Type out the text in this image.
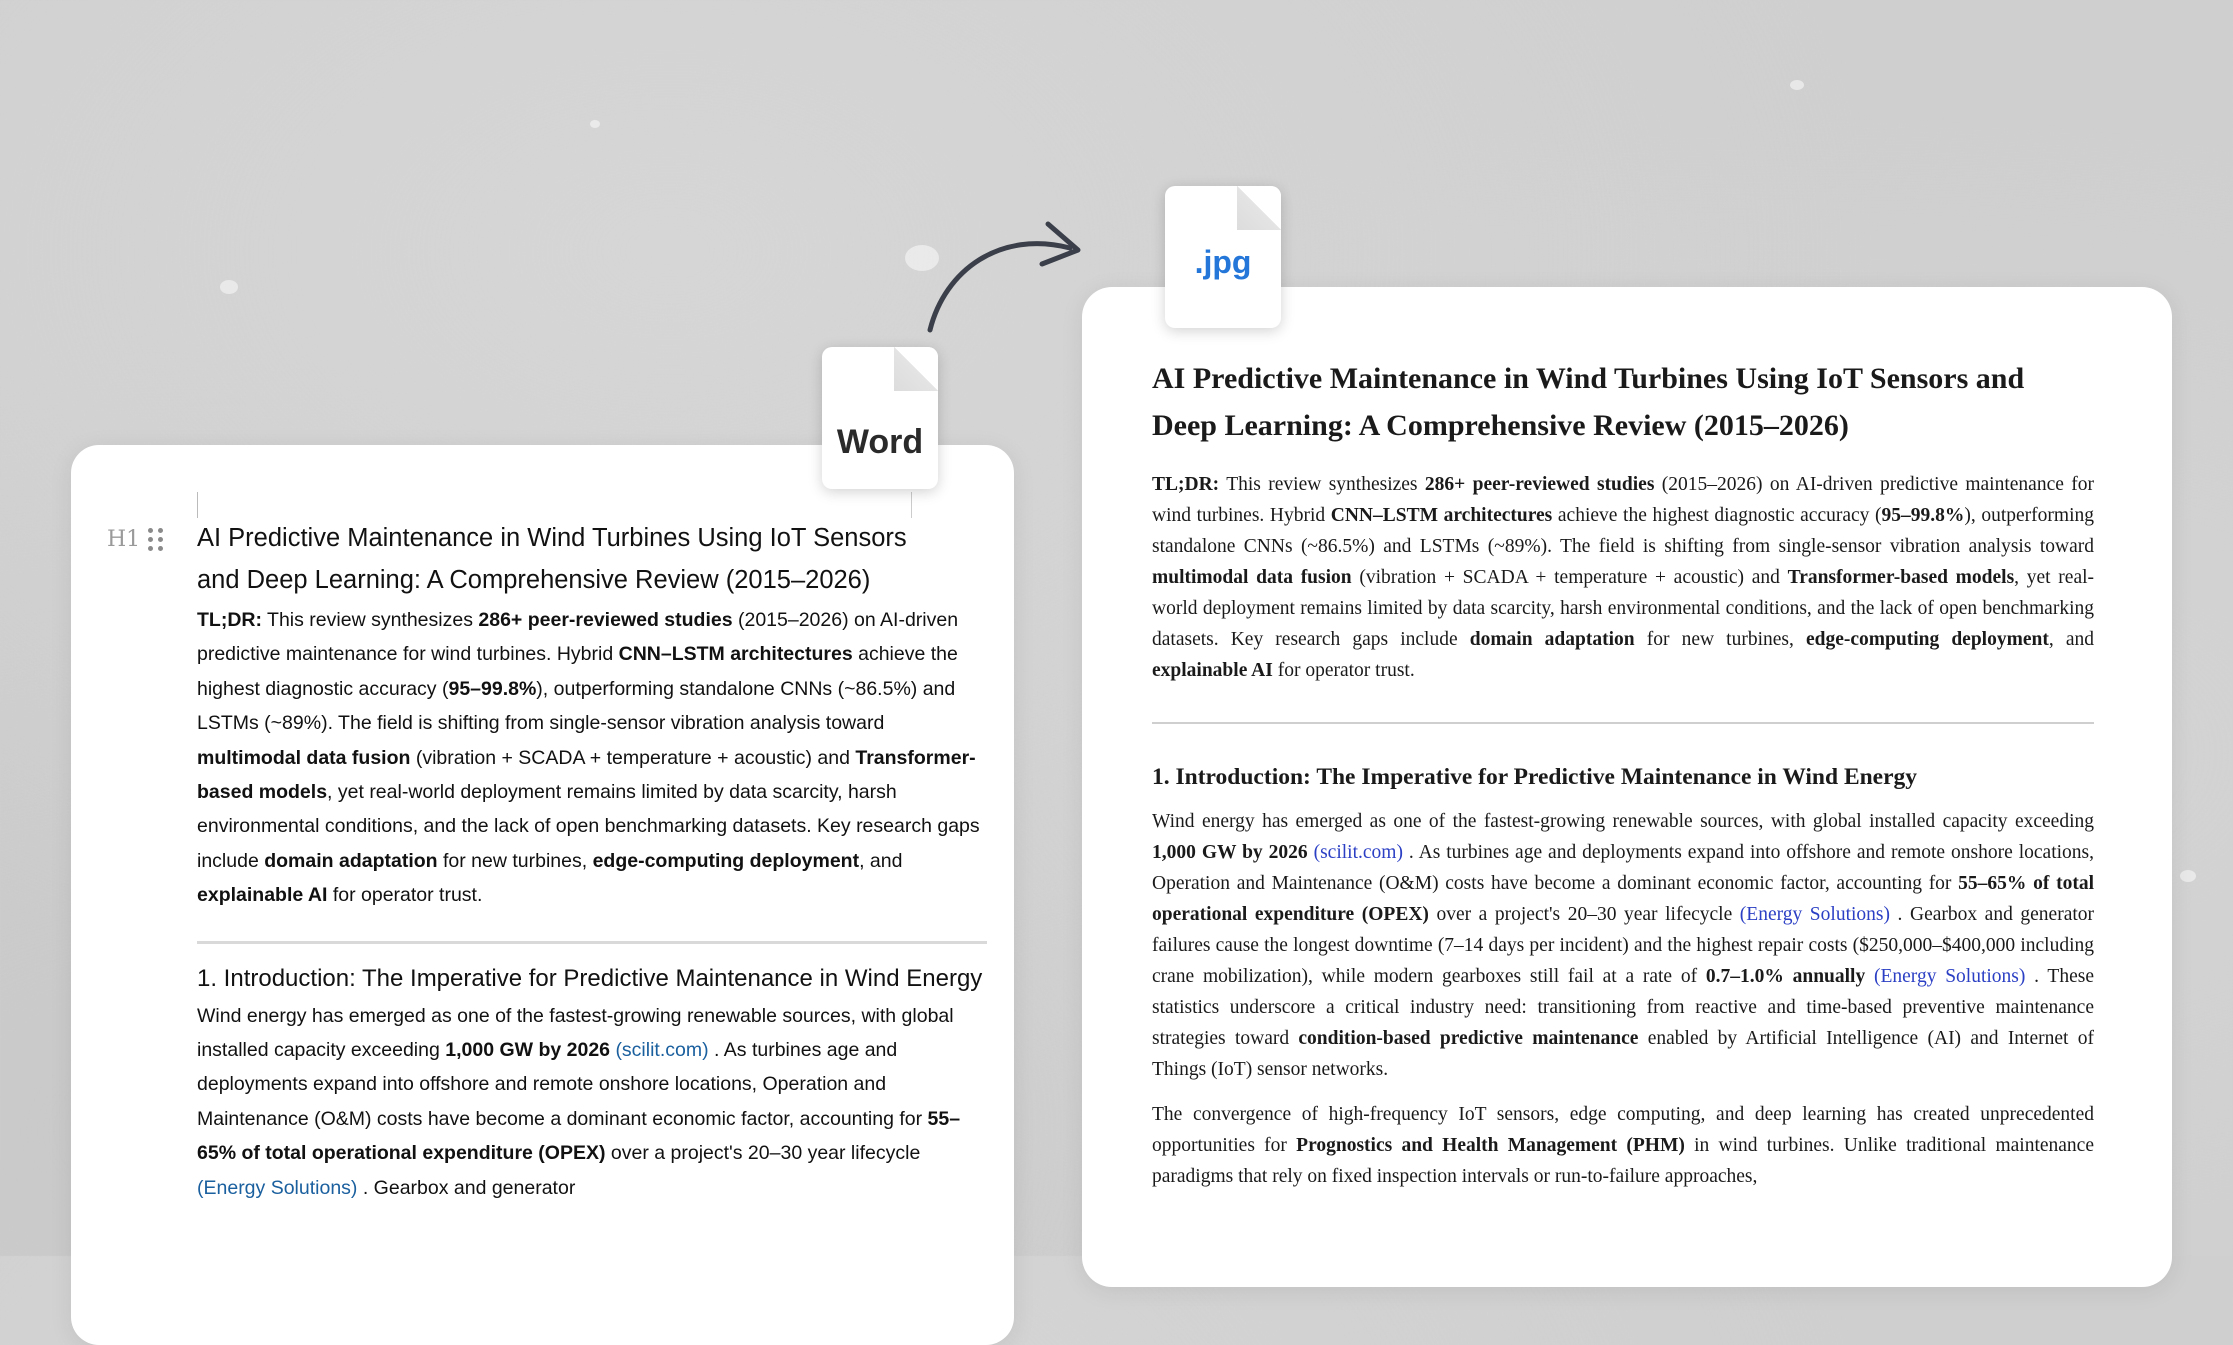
H1 AI Predictive Maintenance in Wind Turbines Using IoT Sensors
and Deep Learning: A Comprehensive Review (2015–2026)

TL;DR: This review synthesizes 286+ peer-reviewed studies (2015–2026) on AI-driven predictive maintenance for wind turbines. Hybrid CNN–LSTM architectures achieve the highest diagnostic accuracy (95–99.8%), outperforming standalone CNNs (~86.5%) and LSTMs (~89%). The field is shifting from single-sensor vibration analysis toward multimodal data fusion (vibration + SCADA + temperature + acoustic) and Transformer-based models, yet real-world deployment remains limited by data scarcity, harsh environmental conditions, and the lack of open benchmarking datasets. Key research gaps include domain adaptation for new turbines, edge-computing deployment, and explainable AI for operator trust.

1. Introduction: The Imperative for Predictive Maintenance in Wind Energy

Wind energy has emerged as one of the fastest-growing renewable sources, with global installed capacity exceeding 1,000 GW by 2026 (scilit.com) . As turbines age and deployments expand into offshore and remote onshore locations, Operation and Maintenance (O&M) costs have become a dominant economic factor, accounting for 55–65% of total operational expenditure (OPEX) over a project's 20–30 year lifecycle (Energy Solutions) . Gearbox and generator

AI Predictive Maintenance in Wind Turbines Using IoT Sensors and Deep Learning: A Comprehensive Review (2015–2026)

TL;DR: This review synthesizes 286+ peer-reviewed studies (2015–2026) on AI-driven predictive maintenance for wind turbines. Hybrid CNN–LSTM architectures achieve the highest diagnostic accuracy (95–99.8%), outperforming standalone CNNs (~86.5%) and LSTMs (~89%). The field is shifting from single-sensor vibration analysis toward multimodal data fusion (vibration + SCADA + temperature + acoustic) and Transformer-based models, yet real-world deployment remains limited by data scarcity, harsh environmental conditions, and the lack of open benchmarking datasets. Key research gaps include domain adaptation for new turbines, edge-computing deployment, and explainable AI for operator trust.

1. Introduction: The Imperative for Predictive Maintenance in Wind Energy

Wind energy has emerged as one of the fastest-growing renewable sources, with global installed capacity exceeding 1,000 GW by 2026 (scilit.com) . As turbines age and deployments expand into offshore and remote onshore locations, Operation and Maintenance (O&M) costs have become a dominant economic factor, accounting for 55–65% of total operational expenditure (OPEX) over a project's 20–30 year lifecycle (Energy Solutions) . Gearbox and generator failures cause the longest downtime (7–14 days per incident) and the highest repair costs ($250,000–$400,000 including crane mobilization), while modern gearboxes still fail at a rate of 0.7–1.0% annually (Energy Solutions) . These statistics underscore a critical industry need: transitioning from reactive and time-based preventive maintenance strategies toward condition-based predictive maintenance enabled by Artificial Intelligence (AI) and Internet of Things (IoT) sensor networks.

The convergence of high-frequency IoT sensors, edge computing, and deep learning has created unprecedented opportunities for Prognostics and Health Management (PHM) in wind turbines. Unlike traditional maintenance paradigms that rely on fixed inspection intervals or run-to-failure approaches,

Word
.jpg
